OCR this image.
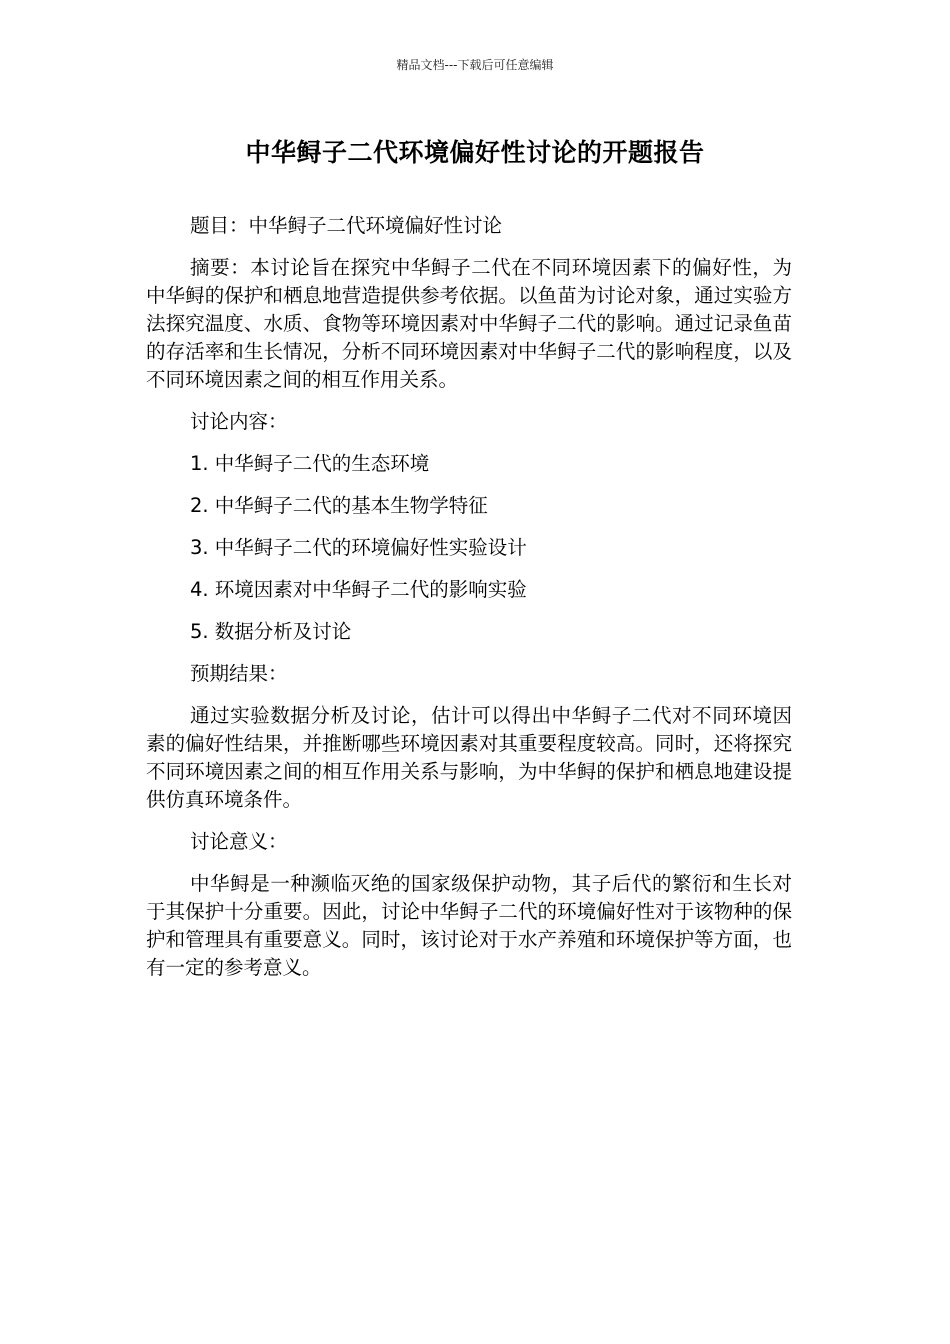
精品文档---下载后可任意编辑
中华鲟子二代环境偏好性讨论的开题报告

题目：中华鲟子二代环境偏好性讨论

摘要：本讨论旨在探究中华鲟子二代在不同环境因素下的偏好性，为中华鲟的保护和栖息地营造提供参考依据。以鱼苗为讨论对象，通过实验方法探究温度、水质、食物等环境因素对中华鲟子二代的影响。通过记录鱼苗的存活率和生长情况，分析不同环境因素对中华鲟子二代的影响程度，以及不同环境因素之间的相互作用关系。

讨论内容：

1. 中华鲟子二代的生态环境

2. 中华鲟子二代的基本生物学特征

3. 中华鲟子二代的环境偏好性实验设计

4. 环境因素对中华鲟子二代的影响实验

5. 数据分析及讨论

预期结果：

通过实验数据分析及讨论，估计可以得出中华鲟子二代对不同环境因素的偏好性结果，并推断哪些环境因素对其重要程度较高。同时，还将探究不同环境因素之间的相互作用关系与影响，为中华鲟的保护和栖息地建设提供仿真环境条件。

讨论意义：

中华鲟是一种濒临灭绝的国家级保护动物，其子后代的繁衍和生长对于其保护十分重要。因此，讨论中华鲟子二代的环境偏好性对于该物种的保护和管理具有重要意义。同时，该讨论对于水产养殖和环境保护等方面，也有一定的参考意义。
